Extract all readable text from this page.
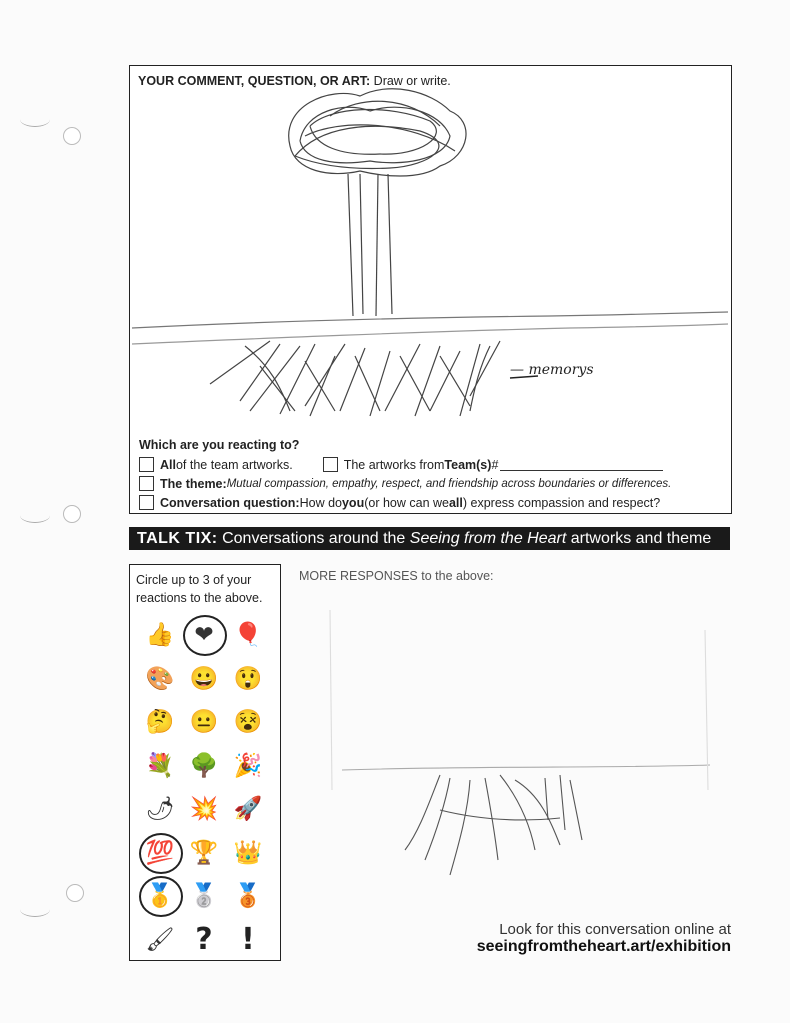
YOUR COMMENT, QUESTION, OR ART: Draw or write.
— memorys
Which are you reacting to?
All of the team artworks.	The artworks from Team(s) #
The theme: Mutual compassion, empathy, respect, and friendship across boundaries or differences.
Conversation question: How do you (or how can we all ) express compassion and respect?
TALK TIX: Conversations around the Seeing from the Heart artworks and theme
Circle up to 3 of your
reactions to the above.
👍 ❤ 🎈
🎨 😀 😲
🤔 😐 😵
💐 🌳 🎉
🌶 💥 🚀
💯 🏆 👑
🥇 🥈 🥉
🖌 ? !
MORE RESPONSES to the above:
Look for this conversation online at
seeingfromtheheart.art/exhibition
